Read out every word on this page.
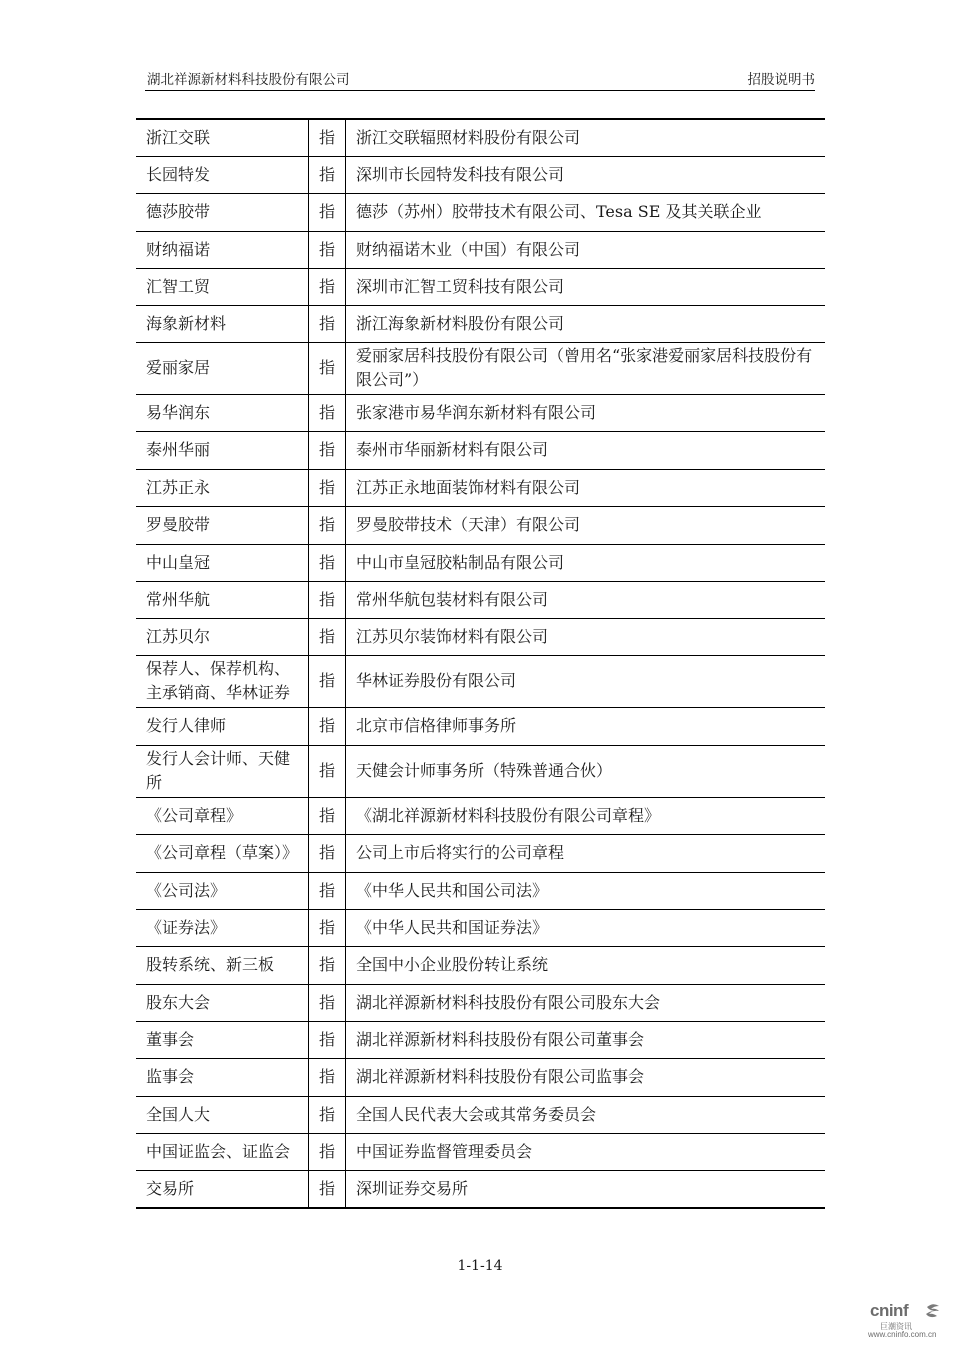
湖北祥源新材料科技股份有限公司	招股说明书
浙江交联	指	浙江交联辐照材料股份有限公司
长园特发	指	深圳市长园特发科技有限公司
德莎胶带	指	德莎（苏州）胶带技术有限公司、Tesa SE 及其关联企业
财纳福诺	指	财纳福诺木业（中国）有限公司
汇智工贸	指	深圳市汇智工贸科技有限公司
海象新材料	指	浙江海象新材料股份有限公司
爱丽家居	指	爱丽家居科技股份有限公司（曾用名“张家港爱丽家居科技股份有限公司”）
易华润东	指	张家港市易华润东新材料有限公司
泰州华丽	指	泰州市华丽新材料有限公司
江苏正永	指	江苏正永地面装饰材料有限公司
罗曼胶带	指	罗曼胶带技术（天津）有限公司
中山皇冠	指	中山市皇冠胶粘制品有限公司
常州华航	指	常州华航包装材料有限公司
江苏贝尔	指	江苏贝尔装饰材料有限公司
保荐人、保荐机构、主承销商、华林证券	指	华林证券股份有限公司
发行人律师	指	北京市信格律师事务所
发行人会计师、天健所	指	天健会计师事务所（特殊普通合伙）
《公司章程》	指	《湖北祥源新材料科技股份有限公司章程》
《公司章程（草案）》	指	公司上市后将实行的公司章程
《公司法》	指	《中华人民共和国公司法》
《证券法》	指	《中华人民共和国证券法》
股转系统、新三板	指	全国中小企业股份转让系统
股东大会	指	湖北祥源新材料科技股份有限公司股东大会
董事会	指	湖北祥源新材料科技股份有限公司董事会
监事会	指	湖北祥源新材料科技股份有限公司监事会
全国人大	指	全国人民代表大会或其常务委员会
中国证监会、证监会	指	中国证券监督管理委员会
交易所	指	深圳证券交易所
1-1-14
cninf
巨潮资讯
www.cninfo.com.cn
